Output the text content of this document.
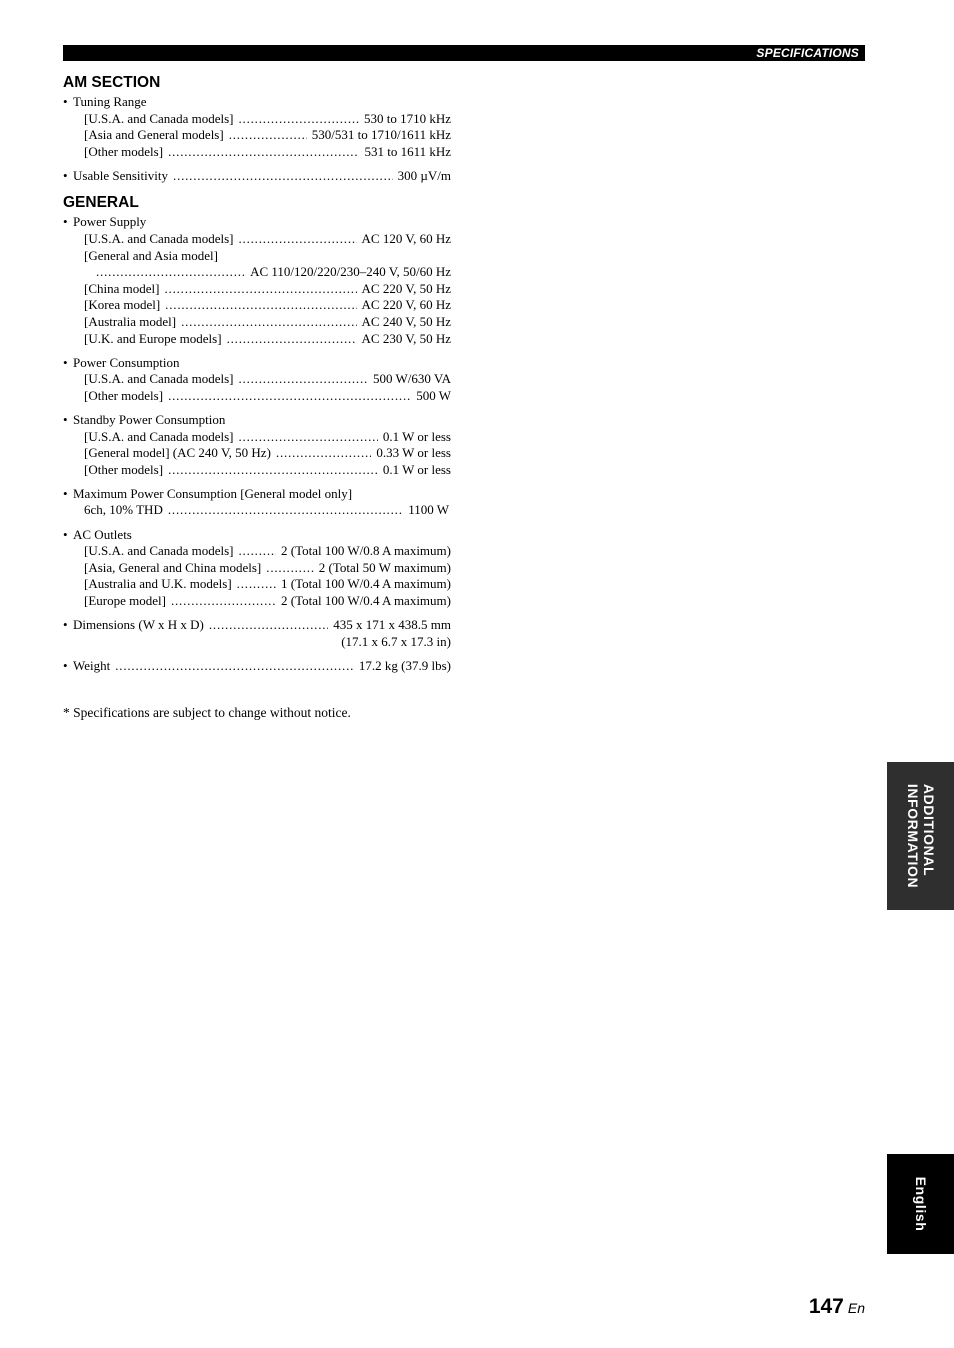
SPECIFICATIONS
AM SECTION
• Tuning Range
[U.S.A. and Canada models] .....	530 to 1710 kHz
[Asia and General models] .....	530/531 to 1710/1611 kHz
[Other models] .....	531 to 1611 kHz
• Usable Sensitivity .....	300 µV/m
GENERAL
• Power Supply
[U.S.A. and Canada models] .....	AC 120 V, 60 Hz
[General and Asia model]
.....
AC 110/120/220/230–240 V, 50/60 Hz
[China model] .....	AC 220 V, 50 Hz
[Korea model] .....	AC 220 V, 60 Hz
[Australia model] .....	AC 240 V, 50 Hz
[U.K. and Europe models] .....	AC 230 V, 50 Hz
• Power Consumption
[U.S.A. and Canada models] .....	500 W/630 VA
[Other models] .....	500 W
• Standby Power Consumption
[U.S.A. and Canada models] .....	0.1 W or less
[General model] (AC 240 V, 50 Hz) .....	0.33 W or less
[Other models] .....	0.1 W or less
• Maximum Power Consumption [General model only]
6ch, 10% THD .....	1100 W
• AC Outlets
[U.S.A. and Canada models] .....	2 (Total 100 W/0.8 A maximum)
[Asia, General and China models] .....	2 (Total 50 W maximum)
[Australia and U.K. models] .....	1 (Total 100 W/0.4 A maximum)
[Europe model] .....	2 (Total 100 W/0.4 A maximum)
• Dimensions (W x H x D) .....	435 x 171 x 438.5 mm
(17.1 x 6.7 x 17.3 in)
• Weight .....	17.2 kg (37.9 lbs)
* Specifications are subject to change without notice.
ADDITIONAL
INFORMATION
English
147 En
